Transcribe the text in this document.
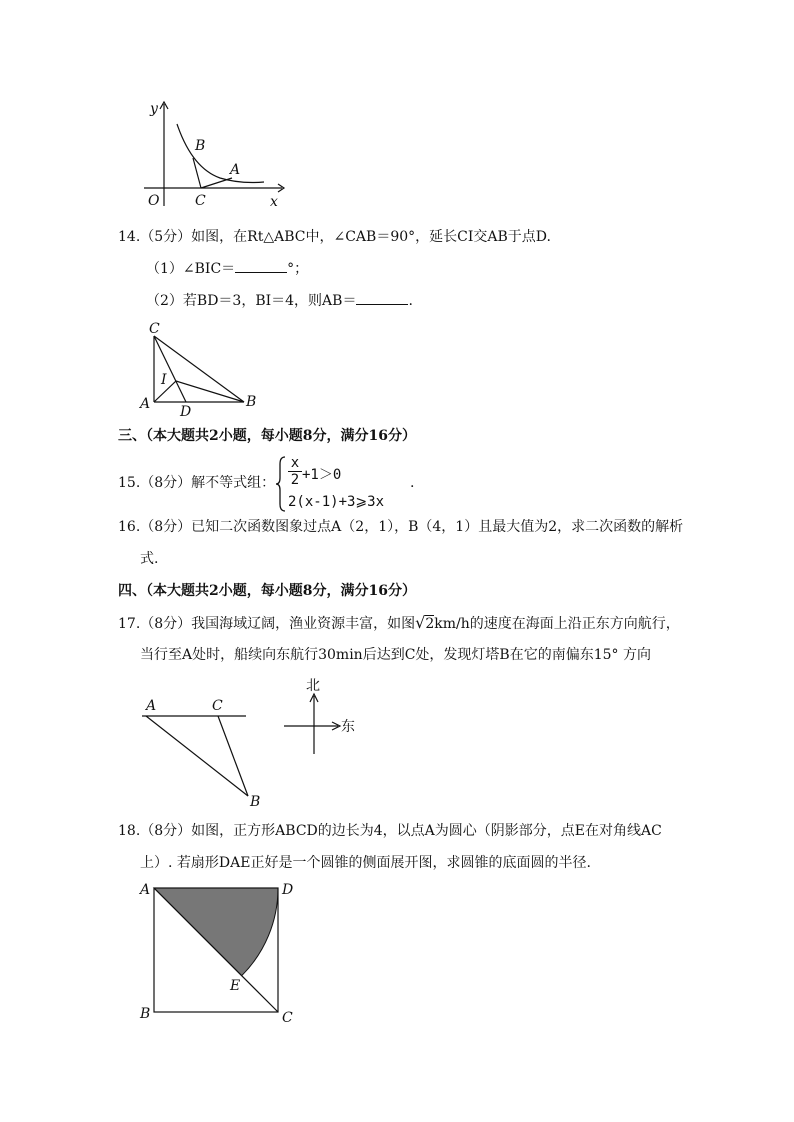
y
x
O
B
A
C
14.（5分）如图，在Rt△ABC中，∠CAB＝90°，延长CI交AB于点D.
（1）∠BIC＝	°；
（2）若BD＝3，BI＝4，则AB＝	.
C
I
A D
B
三、（本大题共2小题，每小题8分，满分16分）
15.（8分）解不等式组：
x
2 +1＞0
2(x-1)+3⩾3x
.
16.（8分）已知二次函数图象过点A（2，1），B（4，1）且最大值为2，求二次函数的解析
式.
四、（本大题共2小题，每小题8分，满分16分）
17.（8分）我国海域辽阔，渔业资源丰富，如图√2km/h的速度在海面上沿正东方向航行，
当行至A处时，船续向东航行30min后达到C处，发现灯塔B在它的南偏东15° 方向
A	C
B
北
东
18.（8分）如图，正方形ABCD的边长为4，以点A为圆心（阴影部分，点E在对角线AC
上）. 若扇形DAE正好是一个圆锥的侧面展开图，求圆锥的底面圆的半径.
A	D
E
B	C
